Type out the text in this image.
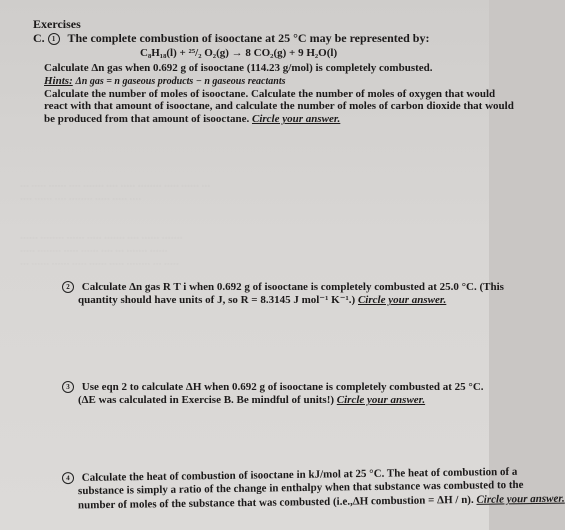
··· ····· ······ ···· ······· ···· ····· ········ ····· ······ ···
···· ······ ···· ········ ····· ····· ····

······ ········ ······ ····· ······· ···· ······ ·······
····· ········ ····· ······ ···· ··· ······· ······
··· ······ ······ ····· ······ ····· ········ ··· ·····
Exercises
C. 1 The complete combustion of isooctane at 25 °C may be represented by:
C₈H₁₈(l) + ²⁵/₂ O₂(g) → 8 CO₂(g) + 9 H₂O(l)
Calculate Δn gas when 0.692 g of isooctane (114.23 g/mol) is completely combusted.
Hints: Δn gas = n gaseous products − n gaseous reactants
Calculate the number of moles of isooctane. Calculate the number of moles of oxygen that would
react with that amount of isooctane, and calculate the number of moles of carbon dioxide that would
be produced from that amount of isooctane. Circle your answer.
2 Calculate Δn gas R T i when 0.692 g of isooctane is completely combusted at 25.0 °C. (This
quantity should have units of J, so R = 8.3145 J mol⁻¹ K⁻¹.) Circle your answer.
3 Use eqn 2 to calculate ΔH when 0.692 g of isooctane is completely combusted at 25 °C.
(ΔE was calculated in Exercise B. Be mindful of units!) Circle your answer.
4 Calculate the heat of combustion of isooctane in kJ/mol at 25 °C. The heat of combustion of a
substance is simply a ratio of the change in enthalpy when that substance was combusted to the
number of moles of the substance that was combusted (i.e.,ΔH combustion = ΔH / n). Circle your answer.
